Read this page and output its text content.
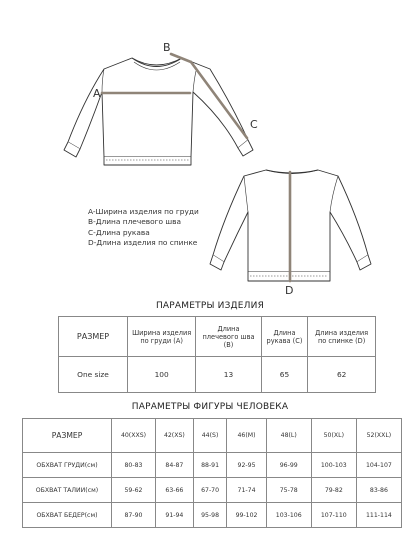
A
B
C
D
A-Ширина изделия по груди
B-Длина плечевого шва
C-Длина рукава
D-Длина изделия по спинке
ПАРАМЕТРЫ ИЗДЕЛИЯ
РАЗМЕР	Ширина изделия по груди (А)	Длина плечевого шва (B)	Длина рукава (С)	Длина изделия по спинке (D)
One size	100	13	65	62
ПАРАМЕТРЫ ФИГУРЫ ЧЕЛОВЕКА
РАЗМЕР	40(XXS)	42(XS)	44(S)	46(M)	48(L)	50(XL)	52(XXL)
ОБХВАТ ГРУДИ(см)	80-83	84-87	88-91	92-95	96-99	100-103	104-107
ОБХВАТ ТАЛИИ(см)	59-62	63-66	67-70	71-74	75-78	79-82	83-86
ОБХВАТ БЕДЕР(см)	87-90	91-94	95-98	99-102	103-106	107-110	111-114
